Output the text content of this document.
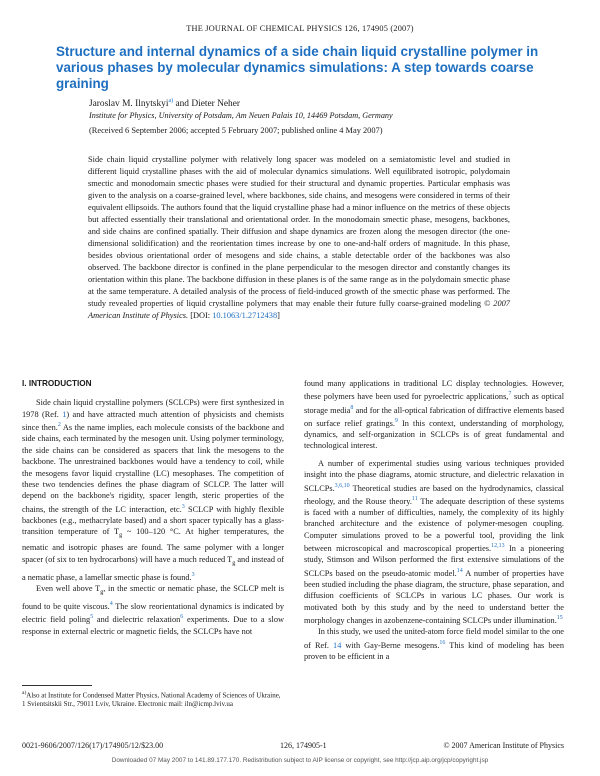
THE JOURNAL OF CHEMICAL PHYSICS 126, 174905 (2007)
Structure and internal dynamics of a side chain liquid crystalline polymer in various phases by molecular dynamics simulations: A step towards coarse graining
Jaroslav M. Ilnytskyi$^{a)}$ and Dieter Neher
Institute for Physics, University of Potsdam, Am Neuen Palais 10, 14469 Potsdam, Germany
(Received 6 September 2006; accepted 5 February 2007; published online 4 May 2007)
Side chain liquid crystalline polymer with relatively long spacer was modeled on a semiatomistic level and studied in different liquid crystalline phases with the aid of molecular dynamics simulations. Well equilibrated isotropic, polydomain smectic and monodomain smectic phases were studied for their structural and dynamic properties. Particular emphasis was given to the analysis on a coarse-grained level, where backbones, side chains, and mesogens were considered in terms of their equivalent ellipsoids. The authors found that the liquid crystalline phase had a minor influence on the metrics of these objects but affected essentially their translational and orientational order. In the monodomain smectic phase, mesogens, backbones, and side chains are confined spatially. Their diffusion and shape dynamics are frozen along the mesogen director (the one-dimensional solidification) and the reorientation times increase by one to one-and-half orders of magnitude. In this phase, besides obvious orientational order of mesogens and side chains, a stable detectable order of the backbones was also observed. The backbone director is confined in the plane perpendicular to the mesogen director and constantly changes its orientation within this plane. The backbone diffusion in these planes is of the same range as in the polydomain smectic phase at the same temperature. A detailed analysis of the process of field-induced growth of the smectic phase was performed. The study revealed properties of liquid crystalline polymers that may enable their future fully coarse-grained modeling © 2007 American Institute of Physics. [DOI: 10.1063/1.2712438]
I. INTRODUCTION

Side chain liquid crystalline polymers (SCLCPs) were first synthesized in 1978 (Ref. 1) and have attracted much attention of physicists and chemists since then.$^2$ As the name implies, each molecule consists of the backbone and side chains, each terminated by the mesogen unit. Using polymer terminology, the side chains can be considered as spacers that link the mesogens to the backbone. The unrestrained backbones would have a tendency to coil, while the mesogens favor liquid crystalline (LC) mesophases. The competition of these two tendencies defines the phase diagram of SCLCP. The latter will depend on the backbone's rigidity, spacer length, steric properties of the chains, the strength of the LC interaction, etc.$^3$ SCLCP with highly flexible backbones (e.g., methacrylate based) and a short spacer typically has a glass-transition temperature of $T_g$ ~ 100–120 °C. At higher temperatures, the nematic and isotropic phases are found. The same polymer with a longer spacer (of six to ten hydrocarbons) will have a much reduced $T_g$ and instead of a nematic phase, a lamellar smectic phase is found.$^3$

Even well above $T_g$, in the smectic or nematic phase, the SCLCP melt is found to be quite viscous.$^4$ The slow reorientational dynamics is indicated by electric field poling$^5$ and dielectric relaxation$^6$ experiments. Due to a slow response in external electric or magnetic fields, the SCLCPs have not

$^{a)}$Also at Institute for Condensed Matter Physics, National Academy of Sciences of Ukraine, 1 Svientsitskii Str., 79011 Lviv, Ukraine. Electronic mail: iln@icmp.lviv.ua

found many applications in traditional LC display technologies. However, these polymers have been used for pyroelectric applications,$^7$ such as optical storage media$^8$ and for the all-optical fabrication of diffractive elements based on surface relief gratings.$^9$ In this context, understanding of morphology, dynamics, and self-organization in SCLCPs is of great fundamental and technological interest.

A number of experimental studies using various techniques provided insight into the phase diagrams, atomic structure, and dielectric relaxation in SCLCPs.$^{3,6,10}$ Theoretical studies are based on the hydrodynamics, classical rheology, and the Rouse theory.$^{11}$ The adequate description of these systems is faced with a number of difficulties, namely, the complexity of its highly branched architecture and the existence of polymer-mesogen coupling. Computer simulations proved to be a powerful tool, providing the link between microscopical and macroscopical properties.$^{12,13}$ In a pioneering study, Stimson and Wilson performed the first extensive simulations of the SCLCPs based on the pseudo-atomic model.$^{14}$ A number of properties have been studied including the phase diagram, the structure, phase separation, and diffusion coefficients of SCLCPs in various LC phases. Our work is motivated both by this study and by the need to understand better the morphology changes in azobenzene-containing SCLCPs under illumination.$^{15}$

In this study, we used the united-atom force field model similar to the one of Ref. 14 with Gay-Berne mesogens.$^{16}$ This kind of modeling has been proven to be efficient in a

0021-9606/2007/126(17)/174905/12/$23.00	126, 174905-1	© 2007 American Institute of Physics
Downloaded 07 May 2007 to 141.89.177.170. Redistribution subject to AIP license or copyright, see http://jcp.aip.org/jcp/copyright.jsp
